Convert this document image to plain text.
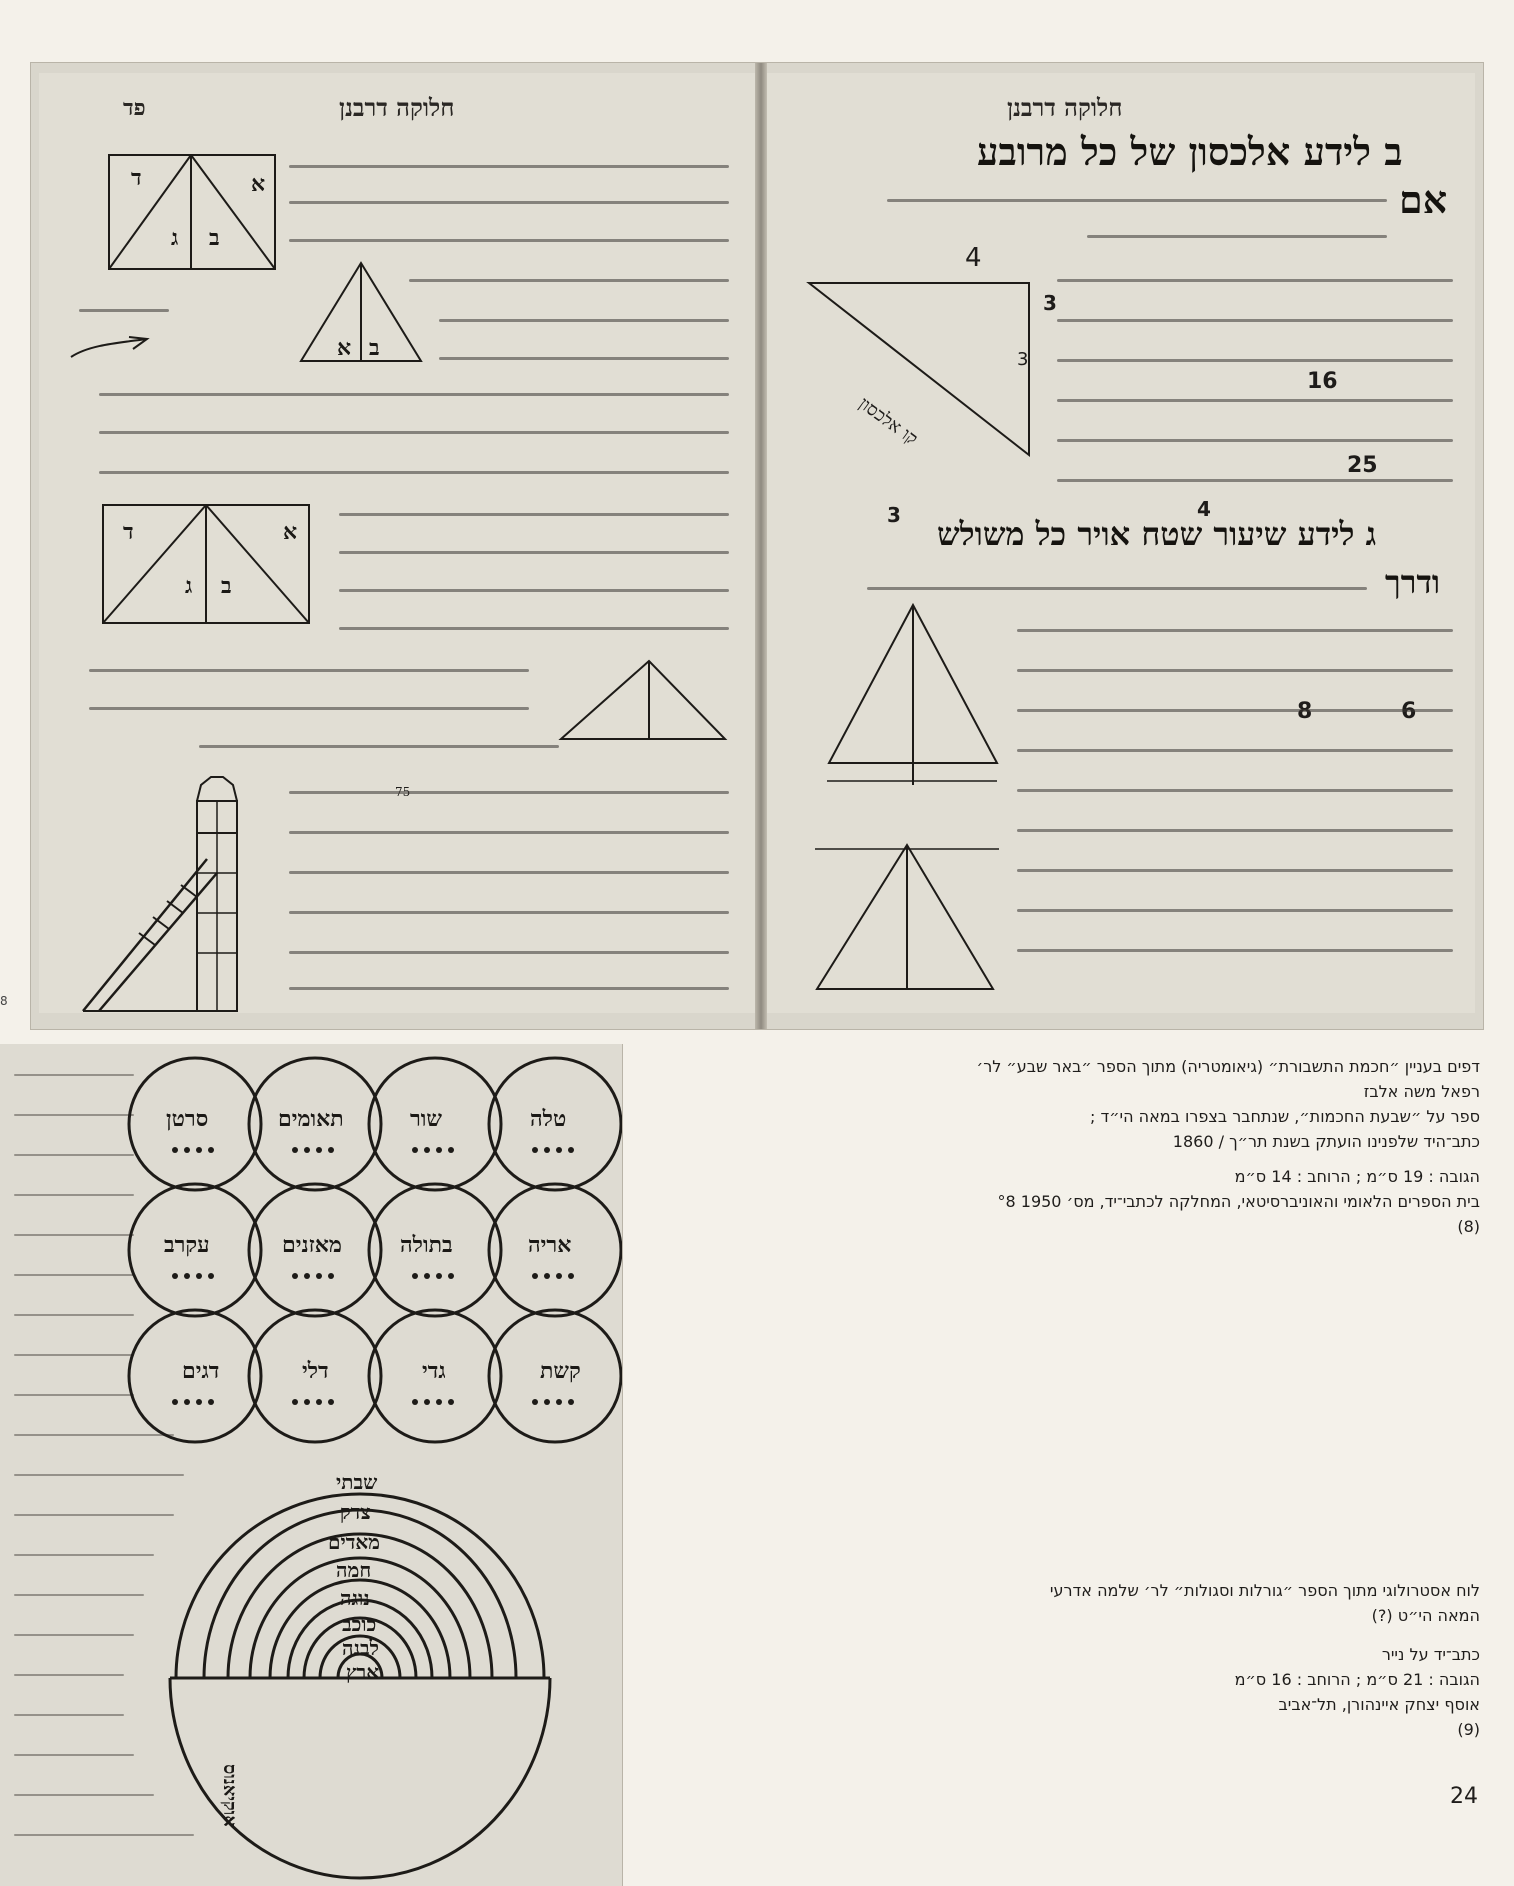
8
פד	חלוקה דרבנן
א
ד
ג ב
א ב
א
ד
ג ב
חלוקה דרבנן
ב לידע אלכסון של כל מרובע
אם
4
3
קו אלכסון
ג לידע שיעור שטח אויר כל משולש
ודרך
3
16
25
4
3
טלה
שור
תאומים
סרטן
אריה
בתולה
מאזנים
עקרב
קשת
גדי
דלי
דגים
שבתי
צדק
מאדים
חמה
נוגה
כוכב
לבנה
ארץ
אוקיאנוס

דפים בעניין ״חכמת התשבורת״ (גיאומטריה) מתוך הספר ״באר שבע״ לר׳

רפאל משה אלבז

ספר על ״שבעת החכמות״, שנתחבר בצפרו במאה הי״ד ;

כתב־היד שלפנינו הועתק בשנת תר״ך / 1860

הגובה : 19 ס״מ ; הרוחב : 14 ס״מ

בית הספרים הלאומי והאוניברסיטאי, המחלקה לכתבי־יד, מס׳ 1950 °8

(8)

לוח אסטרולוגי מתוך הספר ״גורלות וסגולות״ לר׳ שלמה אדרעי

המאה הי״ט (?)

כתב־יד על נייר

הגובה : 21 ס״מ ; הרוחב : 16 ס״מ

אוסף יצחק איינהורן, תל־אביב

(9)

24
